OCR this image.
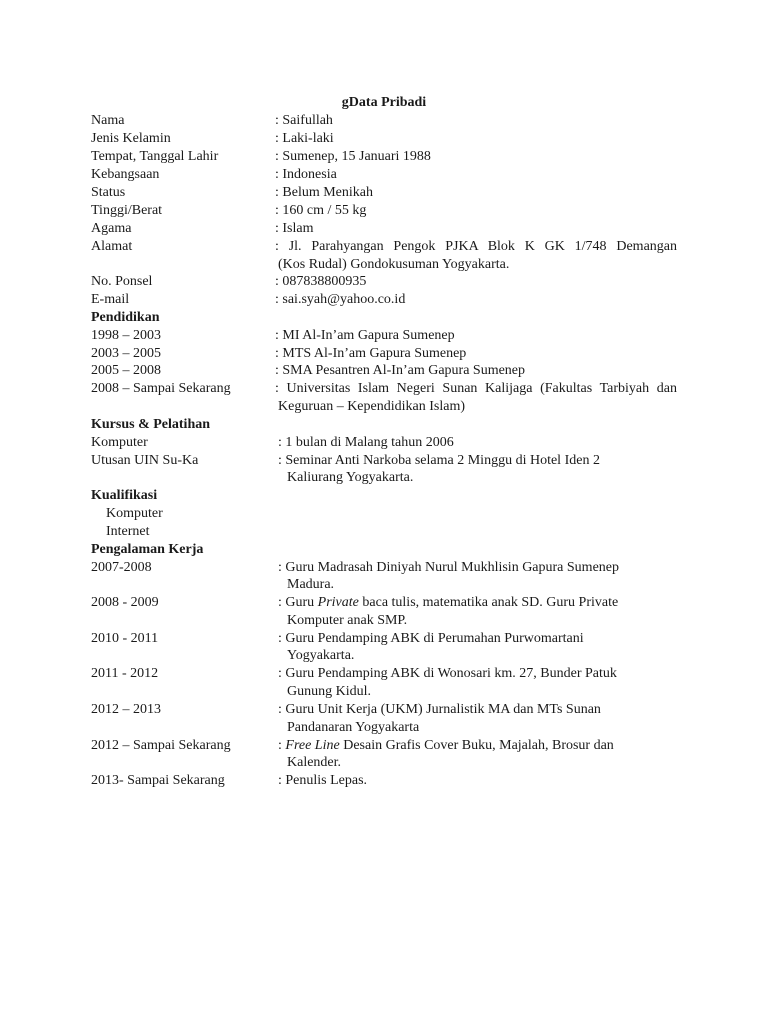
gData Pribadi
Nama	: Saifullah
Jenis Kelamin	: Laki-laki
Tempat, Tanggal Lahir	: Sumenep, 15 Januari 1988
Kebangsaan	: Indonesia
Status	: Belum Menikah
Tinggi/Berat	: 160 cm / 55 kg
Agama	: Islam
Alamat	: Jl. Parahyangan Pengok PJKA Blok K GK 1/748 Demangan
(Kos Rudal) Gondokusuman Yogyakarta.
No. Ponsel	: 087838800935
E-mail	: sai.syah@yahoo.co.id
Pendidikan
1998 – 2003	: MI Al-In’am Gapura Sumenep
2003 – 2005	: MTS Al-In’am Gapura Sumenep
2005 – 2008	: SMA Pesantren Al-In’am Gapura Sumenep
2008 – Sampai Sekarang	: Universitas Islam Negeri Sunan Kalijaga (Fakultas Tarbiyah dan
Keguruan – Kependidikan Islam)
Kursus & Pelatihan
Komputer	: 1 bulan di Malang tahun 2006
Utusan UIN Su-Ka	: Seminar Anti Narkoba selama 2 Minggu di Hotel Iden 2
Kaliurang Yogyakarta.
Kualifikasi
Komputer
Internet
Pengalaman Kerja
2007-2008	: Guru Madrasah Diniyah Nurul Mukhlisin Gapura Sumenep
Madura.
2008 - 2009	: Guru Private baca tulis, matematika anak SD. Guru Private
Komputer anak SMP.
2010 - 2011	: Guru Pendamping ABK di Perumahan Purwomartani
Yogyakarta.
2011 - 2012	: Guru Pendamping ABK di Wonosari km. 27, Bunder Patuk
Gunung Kidul.
2012 – 2013	: Guru Unit Kerja (UKM) Jurnalistik MA dan MTs Sunan
Pandanaran Yogyakarta
2012 – Sampai Sekarang	: Free Line Desain Grafis Cover Buku, Majalah, Brosur dan
Kalender.
2013- Sampai Sekarang	: Penulis Lepas.
